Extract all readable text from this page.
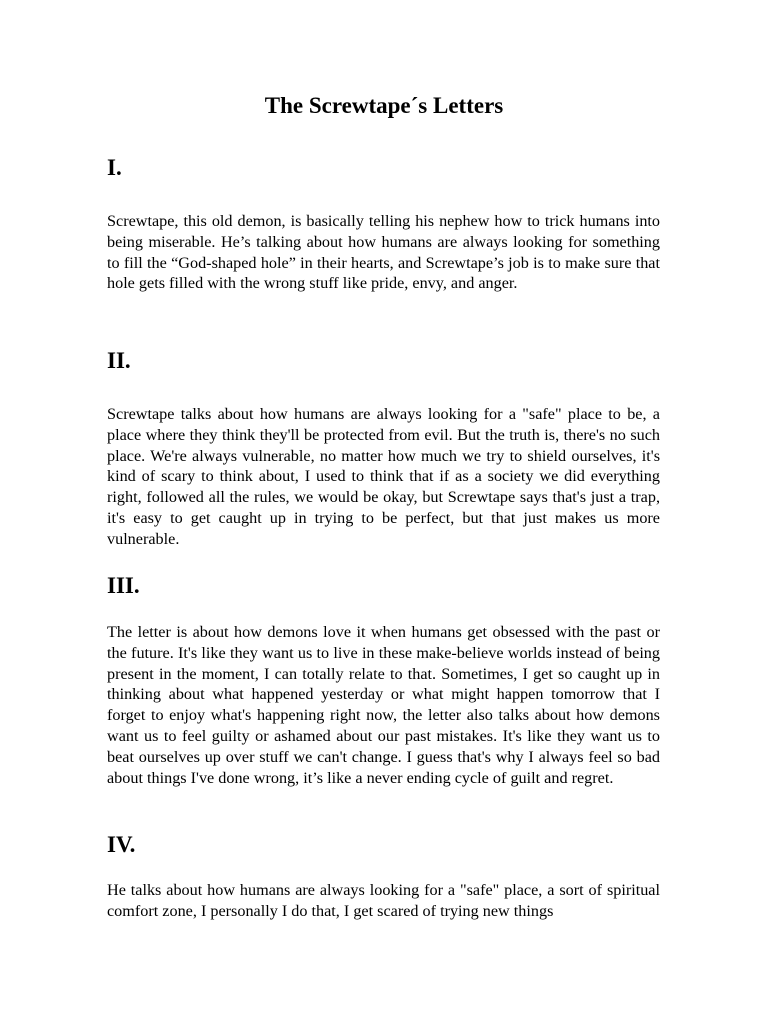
The Screwtape´s Letters
I.

Screwtape, this old demon, is basically telling his nephew how to trick humans into being miserable. He’s talking about how humans are always looking for something to fill the “God-shaped hole” in their hearts, and Screwtape’s job is to make sure that hole gets filled with the wrong stuff like pride, envy, and anger.

II.

Screwtape talks about how humans are always looking for a "safe" place to be, a place where they think they'll be protected from evil. But the truth is, there's no such place. We're always vulnerable, no matter how much we try to shield ourselves, it's kind of scary to think about, I used to think that if as a society we did everything right, followed all the rules, we would be okay, but Screwtape says that's just a trap, it's easy to get caught up in trying to be perfect, but that just makes us more vulnerable.

III.

The letter is about how demons love it when humans get obsessed with the past or the future. It's like they want us to live in these make-believe worlds instead of being present in the moment, I can totally relate to that. Sometimes, I get so caught up in thinking about what happened yesterday or what might happen tomorrow that I forget to enjoy what's happening right now, the letter also talks about how demons want us to feel guilty or ashamed about our past mistakes. It's like they want us to beat ourselves up over stuff we can't change. I guess that's why I always feel so bad about things I've done wrong, it’s like a never ending cycle of guilt and regret.

IV.

He talks about how humans are always looking for a "safe" place, a sort of spiritual comfort zone, I personally I do that, I get scared of trying new things
